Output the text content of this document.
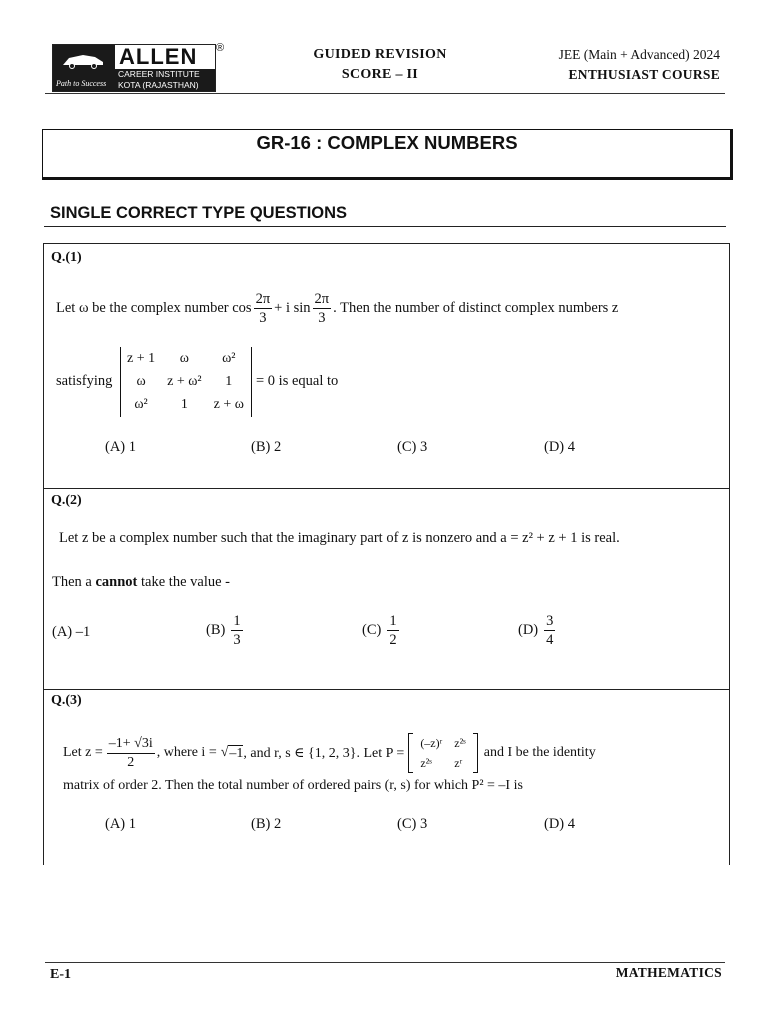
Path to Success
ALLEN
CAREER INSTITUTE
KOTA (RAJASTHAN)
®	GUIDED REVISION
SCORE – II
JEE (Main + Advanced) 2024
ENTHUSIAST COURSE
GR-16 : COMPLEX NUMBERS
SINGLE CORRECT TYPE QUESTIONS
Q.(1)
Let ω be the complex number $\cos \frac{2\pi}{3} + i$ $\sin \frac{2\pi}{3}$ . Then the number of distinct complex numbers z
satisfying
z + 1	ω	ω²
ω	z + ω²	1
ω²	1	z + ω
= 0 is equal to
(A) 1	(B) 2	(C) 3	(D) 4
Q.(2)
Let z be a complex number such that the imaginary part of z is nonzero and a = z² + z + 1 is real.
Then a cannot take the value -
(A) –1	$(B) \frac{1}{3}$	$(C) \frac{1}{2}$	$(D) \frac{3}{4}$
Q.(3)
Let $z = \frac{-1+ √3i}{2}$ , where i = √ –1 , and r, s ∈ {1, 2, 3}. Let P =
(–z)ʳ	z²ˢ
z²ˢ	zʳ
and I be the identity
matrix of order 2. Then the total number of ordered pairs (r, s) for which P² = –I is
(A) 1	(B) 2	(C) 3	(D) 4
E-1	MATHEMATICS
